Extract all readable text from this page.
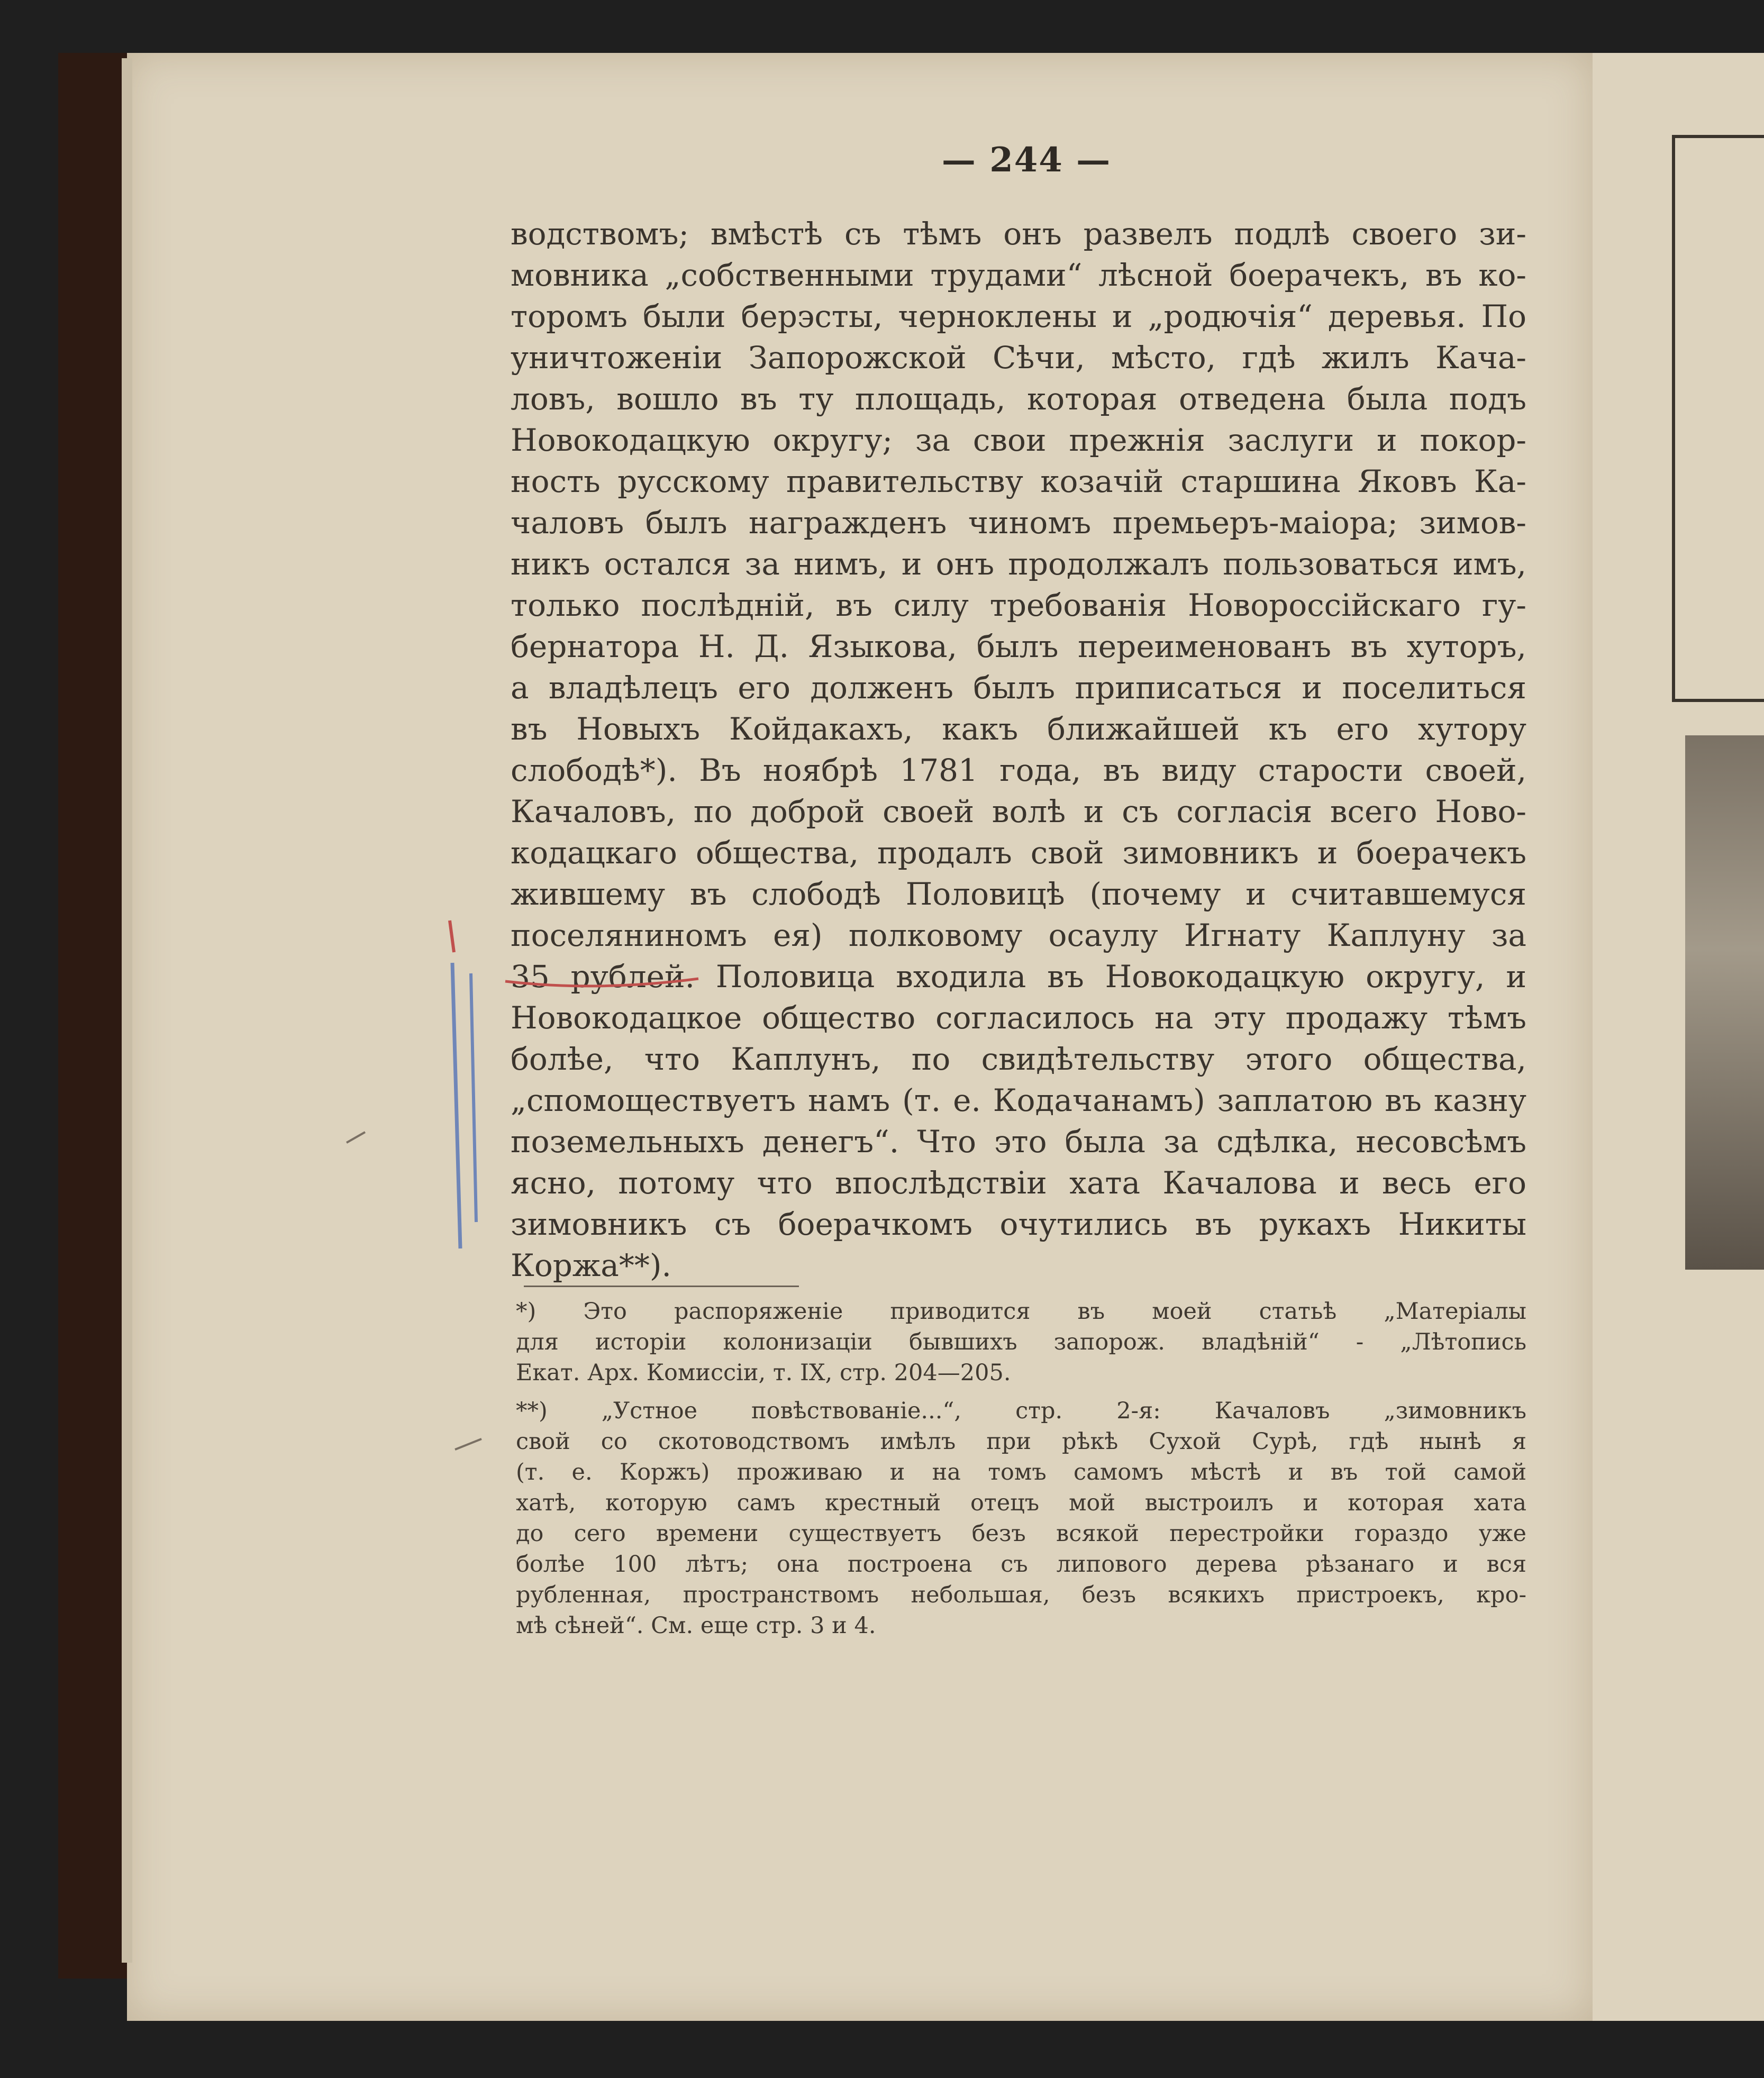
— 244 —
водствомъ; вмѣстѣ съ тѣмъ онъ развелъ подлѣ своего зи-
мовника „собственными трудами“ лѣсной боерачекъ, въ ко-
торомъ были берэсты, черноклены и „родючія“ деревья. По
уничтоженіи Запорожской Сѣчи, мѣсто, гдѣ жилъ Кача-
ловъ, вошло въ ту площадь, которая отведена была подъ
Новокодацкую округу; за свои прежнія заслуги и покор-
ность русскому правительству козачій старшина Яковъ Ка-
чаловъ былъ награжденъ чиномъ премьеръ-маіора; зимов-
никъ остался за нимъ, и онъ продолжалъ пользоваться имъ,
только послѣдній, въ силу требованія Новороссійскаго гу-
бернатора Н. Д. Языкова, былъ переименованъ въ хуторъ,
а владѣлецъ его долженъ былъ приписаться и поселиться
въ Новыхъ Койдакахъ, какъ ближайшей къ его хутору
слободѣ*). Въ ноябрѣ 1781 года, въ виду старости своей,
Качаловъ, по доброй своей волѣ и съ согласія всего Ново-
кодацкаго общества, продалъ свой зимовникъ и боерачекъ
жившему въ слободѣ Половицѣ (почему и считавшемуся
поселяниномъ ея) полковому осаулу Игнату Каплуну за
35 рублей. Половица входила въ Новокодацкую округу, и
Новокодацкое общество согласилось на эту продажу тѣмъ
болѣе, что Каплунъ, по свидѣтельству этого общества,
„спомоществуетъ намъ (т. е. Кодачанамъ) заплатою въ казну
поземельныхъ денегъ“. Что это была за сдѣлка, несовсѣмъ
ясно, потому что впослѣдствіи хата Качалова и весь его
зимовникъ съ боерачкомъ очутились въ рукахъ Никиты
Коржа**).
*) Это распоряженіе приводится въ моей статьѣ „Матеріалы
для исторіи колонизаціи бывшихъ запорож. владѣній“ - „Лѣтопись
Екат. Арх. Комиссіи, т. IX, стр. 204—205.
**) „Устное повѣствованіе...“, стр. 2-я: Качаловъ „зимовникъ
свой со скотоводствомъ имѣлъ при рѣкѣ Сухой Сурѣ, гдѣ нынѣ я
(т. е. Коржъ) проживаю и на томъ самомъ мѣстѣ и въ той самой
хатѣ, которую самъ крестный отецъ мой выстроилъ и которая хата
до сего времени существуетъ безъ всякой перестройки гораздо уже
болѣе 100 лѣтъ; она построена съ липового дерева рѣзанаго и вся
рубленная, пространствомъ небольшая, безъ всякихъ пристроекъ, кро-
мѣ сѣней“. См. еще стр. 3 и 4.
